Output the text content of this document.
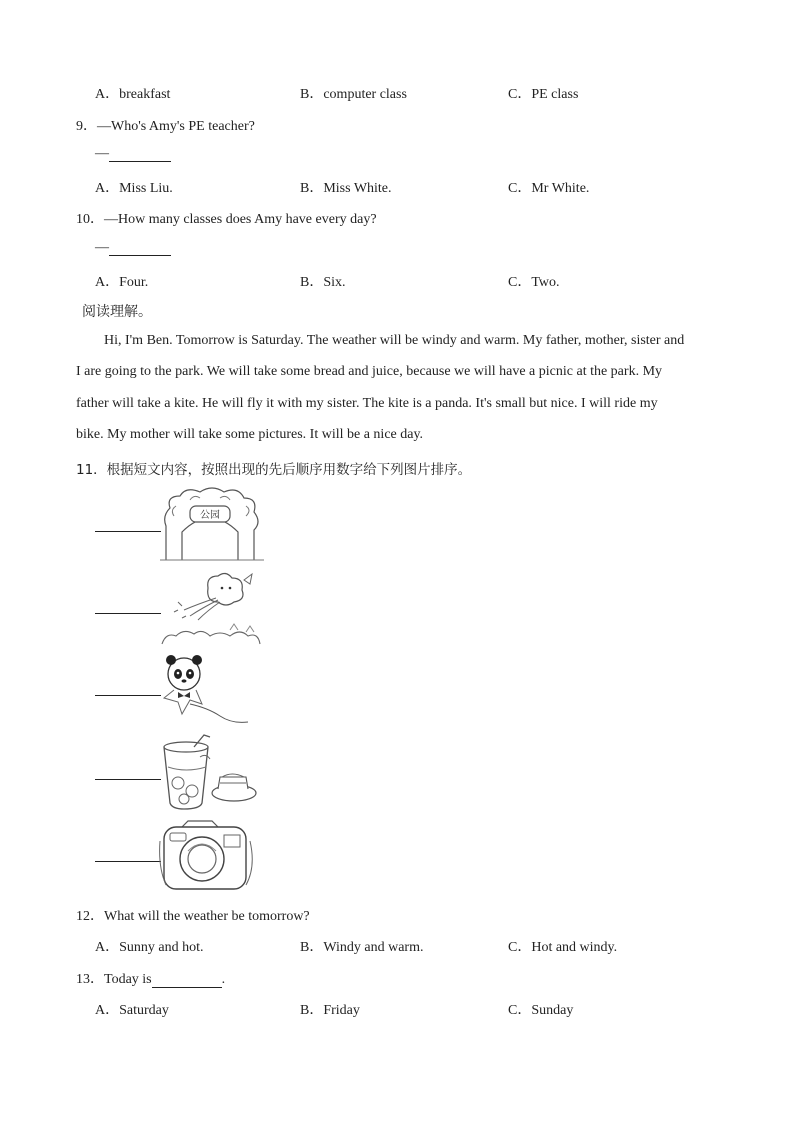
A．breakfast	B．computer class	C．PE class
9．—Who's Amy's PE teacher?
—
A．Miss Liu.	B．Miss White.	C．Mr White.
10．—How many classes does Amy have every day?
—
A．Four.	B．Six.	C．Two.
阅读理解。
Hi, I'm Ben. Tomorrow is Saturday. The weather will be windy and warm. My father, mother, sister and
I are going to the park. We will take some bread and juice, because we will have a picnic at the park. My
father will take a kite. He will fly it with my sister. The kite is a panda. It's small but nice. I will ride my
bike. My mother will take some pictures. It will be a nice day.
11．根据短文内容，按照出现的先后顺序用数字给下列图片排序。
公园
12．What will the weather be tomorrow?
A．Sunny and hot.	B．Windy and warm.	C．Hot and windy.
13．Today is	.
A．Saturday	B．Friday	C．Sunday
